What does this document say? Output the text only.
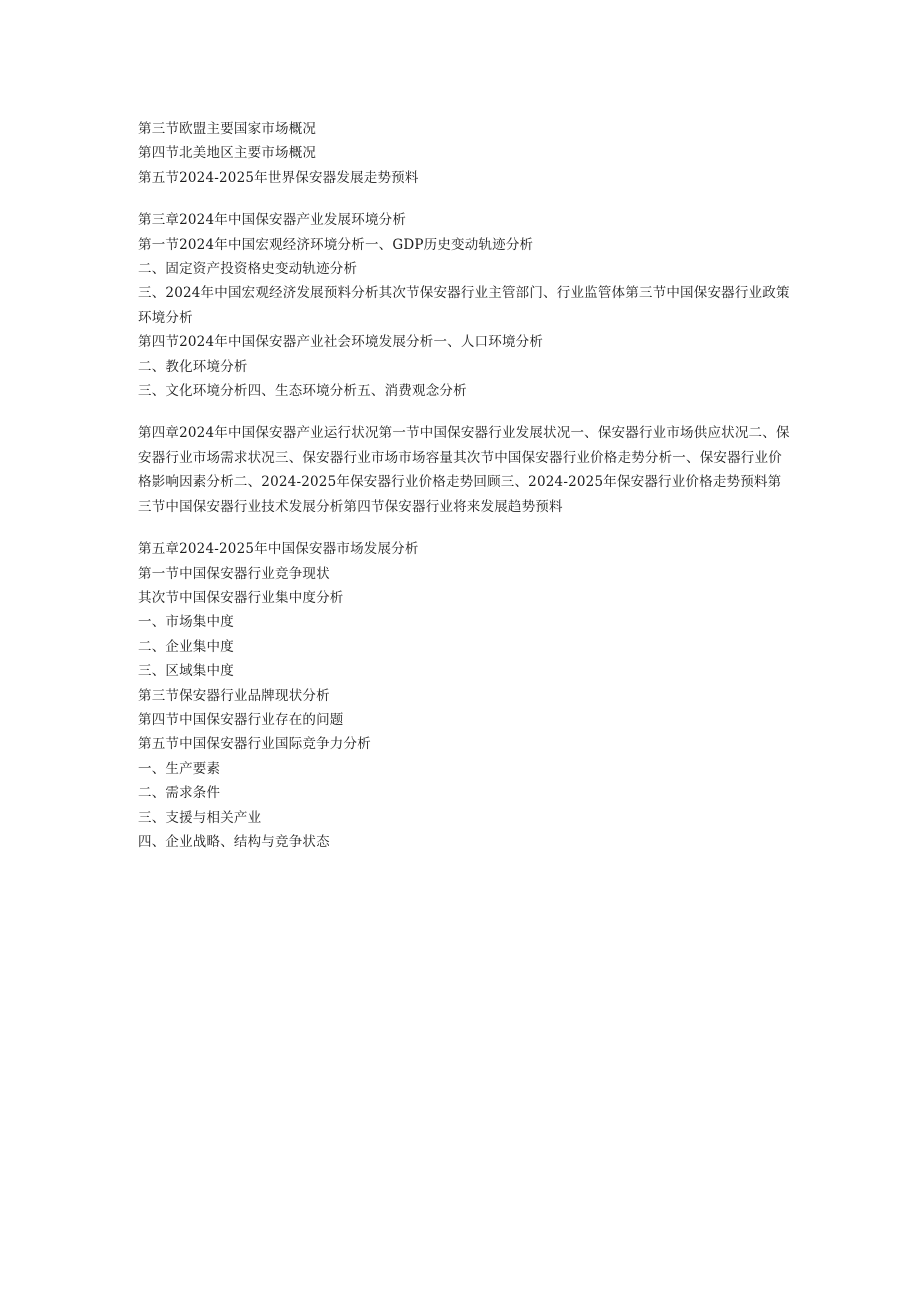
第三节欧盟主要国家市场概况
第四节北美地区主要市场概况
第五节2024-2025年世界保安器发展走势预料
第三章2024年中国保安器产业发展环境分析
第一节2024年中国宏观经济环境分析一、GDP历史变动轨迹分析
二、固定资产投资格史变动轨迹分析
三、2024年中国宏观经济发展预料分析其次节保安器行业主管部门、行业监管体第三节中国保安器行业政策环境分析
第四节2024年中国保安器产业社会环境发展分析一、人口环境分析
二、教化环境分析
三、文化环境分析四、生态环境分析五、消费观念分析
第四章2024年中国保安器产业运行状况第一节中国保安器行业发展状况一、保安器行业市场供应状况二、保安器行业市场需求状况三、保安器行业市场市场容量其次节中国保安器行业价格走势分析一、保安器行业价格影响因素分析二、2024-2025年保安器行业价格走势回顾三、2024-2025年保安器行业价格走势预料第三节中国保安器行业技术发展分析第四节保安器行业将来发展趋势预料
第五章2024-2025年中国保安器市场发展分析
第一节中国保安器行业竞争现状
其次节中国保安器行业集中度分析
一、市场集中度
二、企业集中度
三、区域集中度
第三节保安器行业品牌现状分析
第四节中国保安器行业存在的问题
第五节中国保安器行业国际竞争力分析
一、生产要素
二、需求条件
三、支援与相关产业
四、企业战略、结构与竞争状态
